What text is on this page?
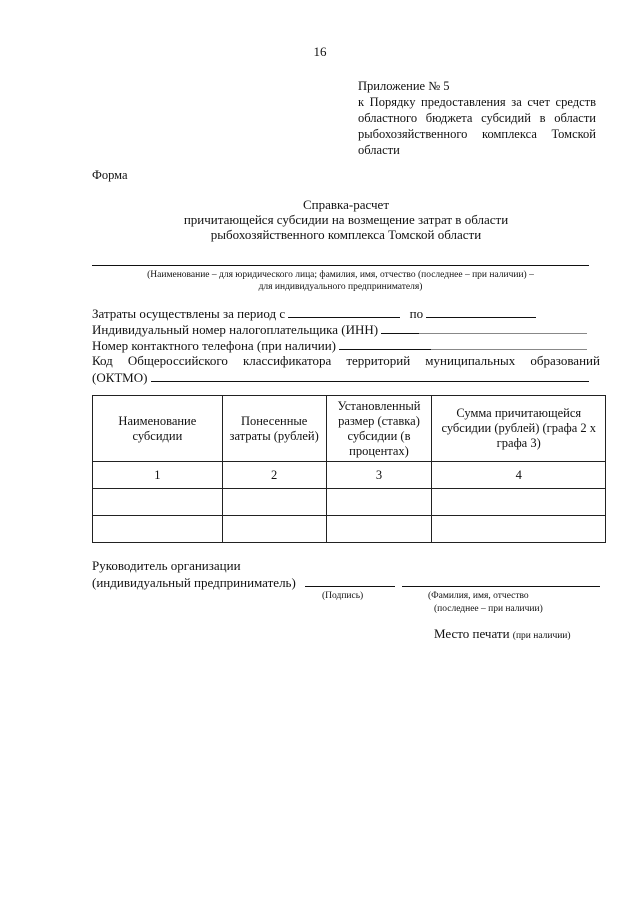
16
Приложение № 5
к Порядку предоставления за счет средств
областного бюджета субсидий в области
рыбохозяйственного комплекса Томской
области
Форма
Справка-расчет
причитающейся субсидии на возмещение затрат в области
рыбохозяйственного комплекса Томской области
(Наименование – для юридического лица; фамилия, имя, отчество (последнее – при наличии) –
для индивидуального предпринимателя)
Затраты осуществлены за период с	по
Индивидуальный номер налогоплательщика (ИНН)
Номер контактного телефона (при наличии)
Код Общероссийского классификатора территорий муниципальных образований
(ОКТМО)
Наименование субсидии	Понесенные затраты (рублей)	Установленный размер (ставка) субсидии (в процентах)	Сумма причитающейся субсидии (рублей) (графа 2 х графа 3)
1	2	3	4

Руководитель организации
(индивидуальный предприниматель)
(Подпись)	(Фамилия, имя, отчество
(последнее – при наличии)
Место печати (при наличии)
